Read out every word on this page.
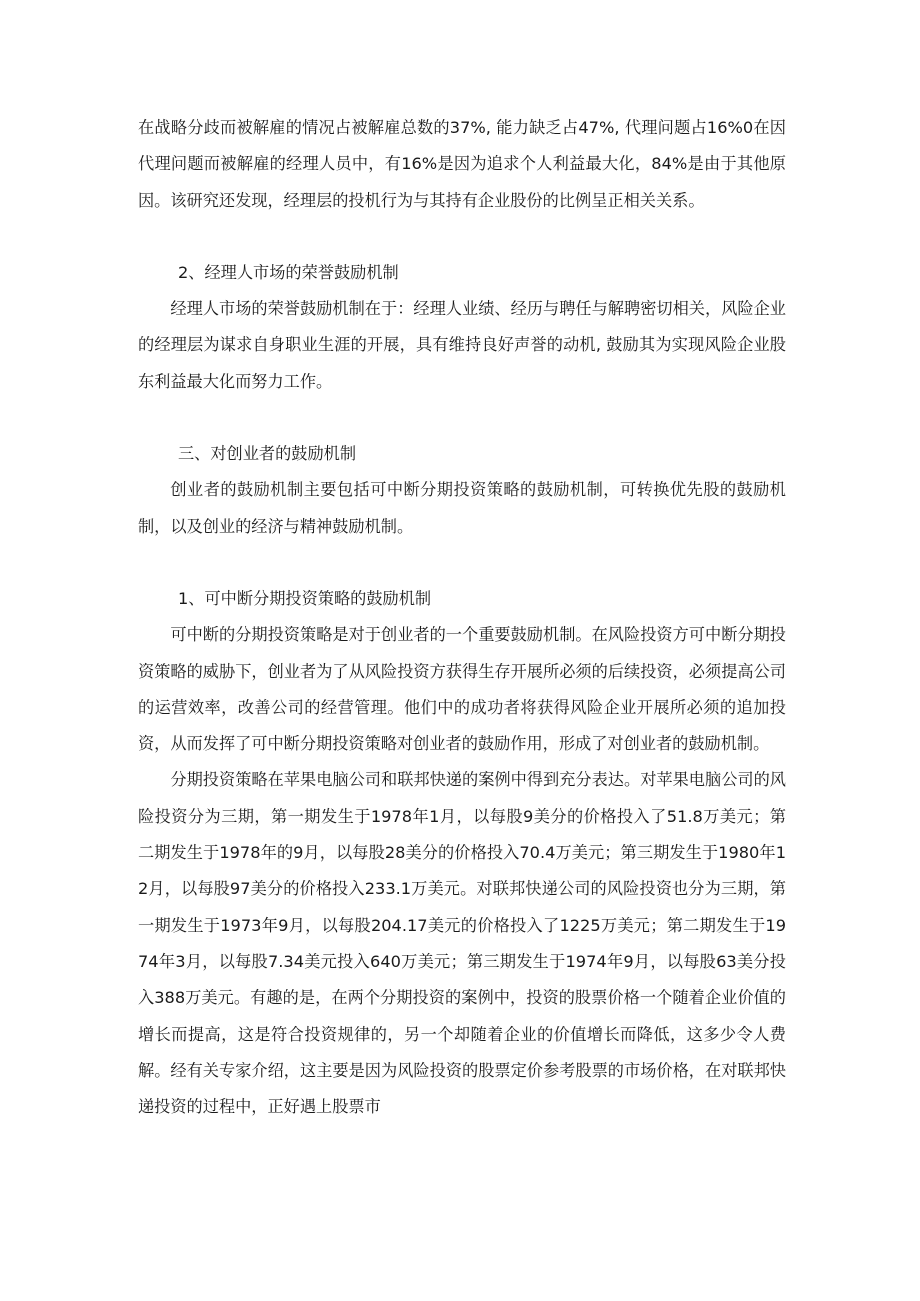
在战略分歧而被解雇的情况占被解雇总数的37%, 能力缺乏占47%, 代理问题占16%0在因代理问题而被解雇的经理人员中，有16%是因为追求个人利益最大化，84%是由于其他原因。该研究还发现，经理层的投机行为与其持有企业股份的比例呈正相关关系。

2、经理人市场的荣誉鼓励机制

经理人市场的荣誉鼓励机制在于：经理人业绩、经历与聘任与解聘密切相关，风险企业的经理层为谋求自身职业生涯的开展，具有维持良好声誉的动机, 鼓励其为实现风险企业股东利益最大化而努力工作。

三、对创业者的鼓励机制

创业者的鼓励机制主要包括可中断分期投资策略的鼓励机制，可转换优先股的鼓励机制，以及创业的经济与精神鼓励机制。

1、可中断分期投资策略的鼓励机制

可中断的分期投资策略是对于创业者的一个重要鼓励机制。在风险投资方可中断分期投资策略的威胁下，创业者为了从风险投资方获得生存开展所必须的后续投资，必须提高公司的运营效率，改善公司的经营管理。他们中的成功者将获得风险企业开展所必须的追加投资，从而发挥了可中断分期投资策略对创业者的鼓励作用，形成了对创业者的鼓励机制。

分期投资策略在苹果电脑公司和联邦快递的案例中得到充分表达。对苹果电脑公司的风险投资分为三期，第一期发生于1978年1月，以每股9美分的价格投入了51.8万美元；第二期发生于1978年的9月，以每股28美分的价格投入70.4万美元；第三期发生于1980年12月，以每股97美分的价格投入233.1万美元。对联邦快递公司的风险投资也分为三期，第一期发生于1973年9月，以每股204.17美元的价格投入了1225万美元；第二期发生于1974年3月，以每股7.34美元投入640万美元；第三期发生于1974年9月，以每股63美分投入388万美元。有趣的是，在两个分期投资的案例中，投资的股票价格一个随着企业价值的增长而提高，这是符合投资规律的，另一个却随着企业的价值增长而降低，这多少令人费解。经有关专家介绍，这主要是因为风险投资的股票定价参考股票的市场价格，在对联邦快递投资的过程中，正好遇上股票市
